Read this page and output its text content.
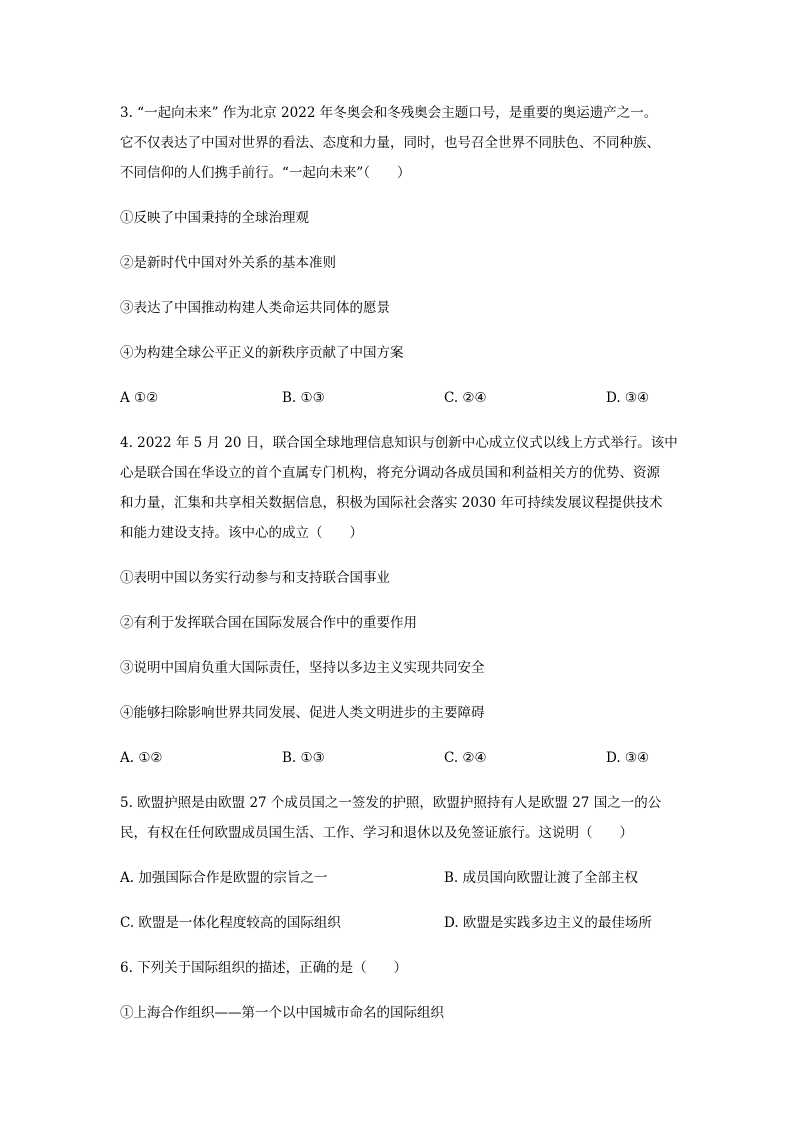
3. “一起向未来” 作为北京 2022 年冬奥会和冬残奥会主题口号，是重要的奥运遗产之一。
它不仅表达了中国对世界的看法、态度和力量，同时，也号召全世界不同肤色、不同种族、
不同信仰的人们携手前行。“一起向未来”（　　）
①反映了中国秉持的全球治理观
②是新时代中国对外关系的基本准则
③表达了中国推动构建人类命运共同体的愿景
④为构建全球公平正义的新秩序贡献了中国方案
A ①②	B. ①③	C. ②④	D. ③④
4. 2022 年 5 月 20 日，联合国全球地理信息知识与创新中心成立仪式以线上方式举行。该中
心是联合国在华设立的首个直属专门机构，将充分调动各成员国和利益相关方的优势、资源
和力量，汇集和共享相关数据信息，积极为国际社会落实 2030 年可持续发展议程提供技术
和能力建设支持。该中心的成立（　　）
①表明中国以务实行动参与和支持联合国事业
②有利于发挥联合国在国际发展合作中的重要作用
③说明中国肩负重大国际责任，坚持以多边主义实现共同安全
④能够扫除影响世界共同发展、促进人类文明进步的主要障碍
A. ①②	B. ①③	C. ②④	D. ③④
5. 欧盟护照是由欧盟 27 个成员国之一签发的护照，欧盟护照持有人是欧盟 27 国之一的公
民，有权在任何欧盟成员国生活、工作、学习和退休以及免签证旅行。这说明（　　）
A. 加强国际合作是欧盟的宗旨之一	B. 成员国向欧盟让渡了全部主权
C. 欧盟是一体化程度较高的国际组织	D. 欧盟是实践多边主义的最佳场所
6. 下列关于国际组织的描述，正确的是（　　）
①上海合作组织——第一个以中国城市命名的国际组织
